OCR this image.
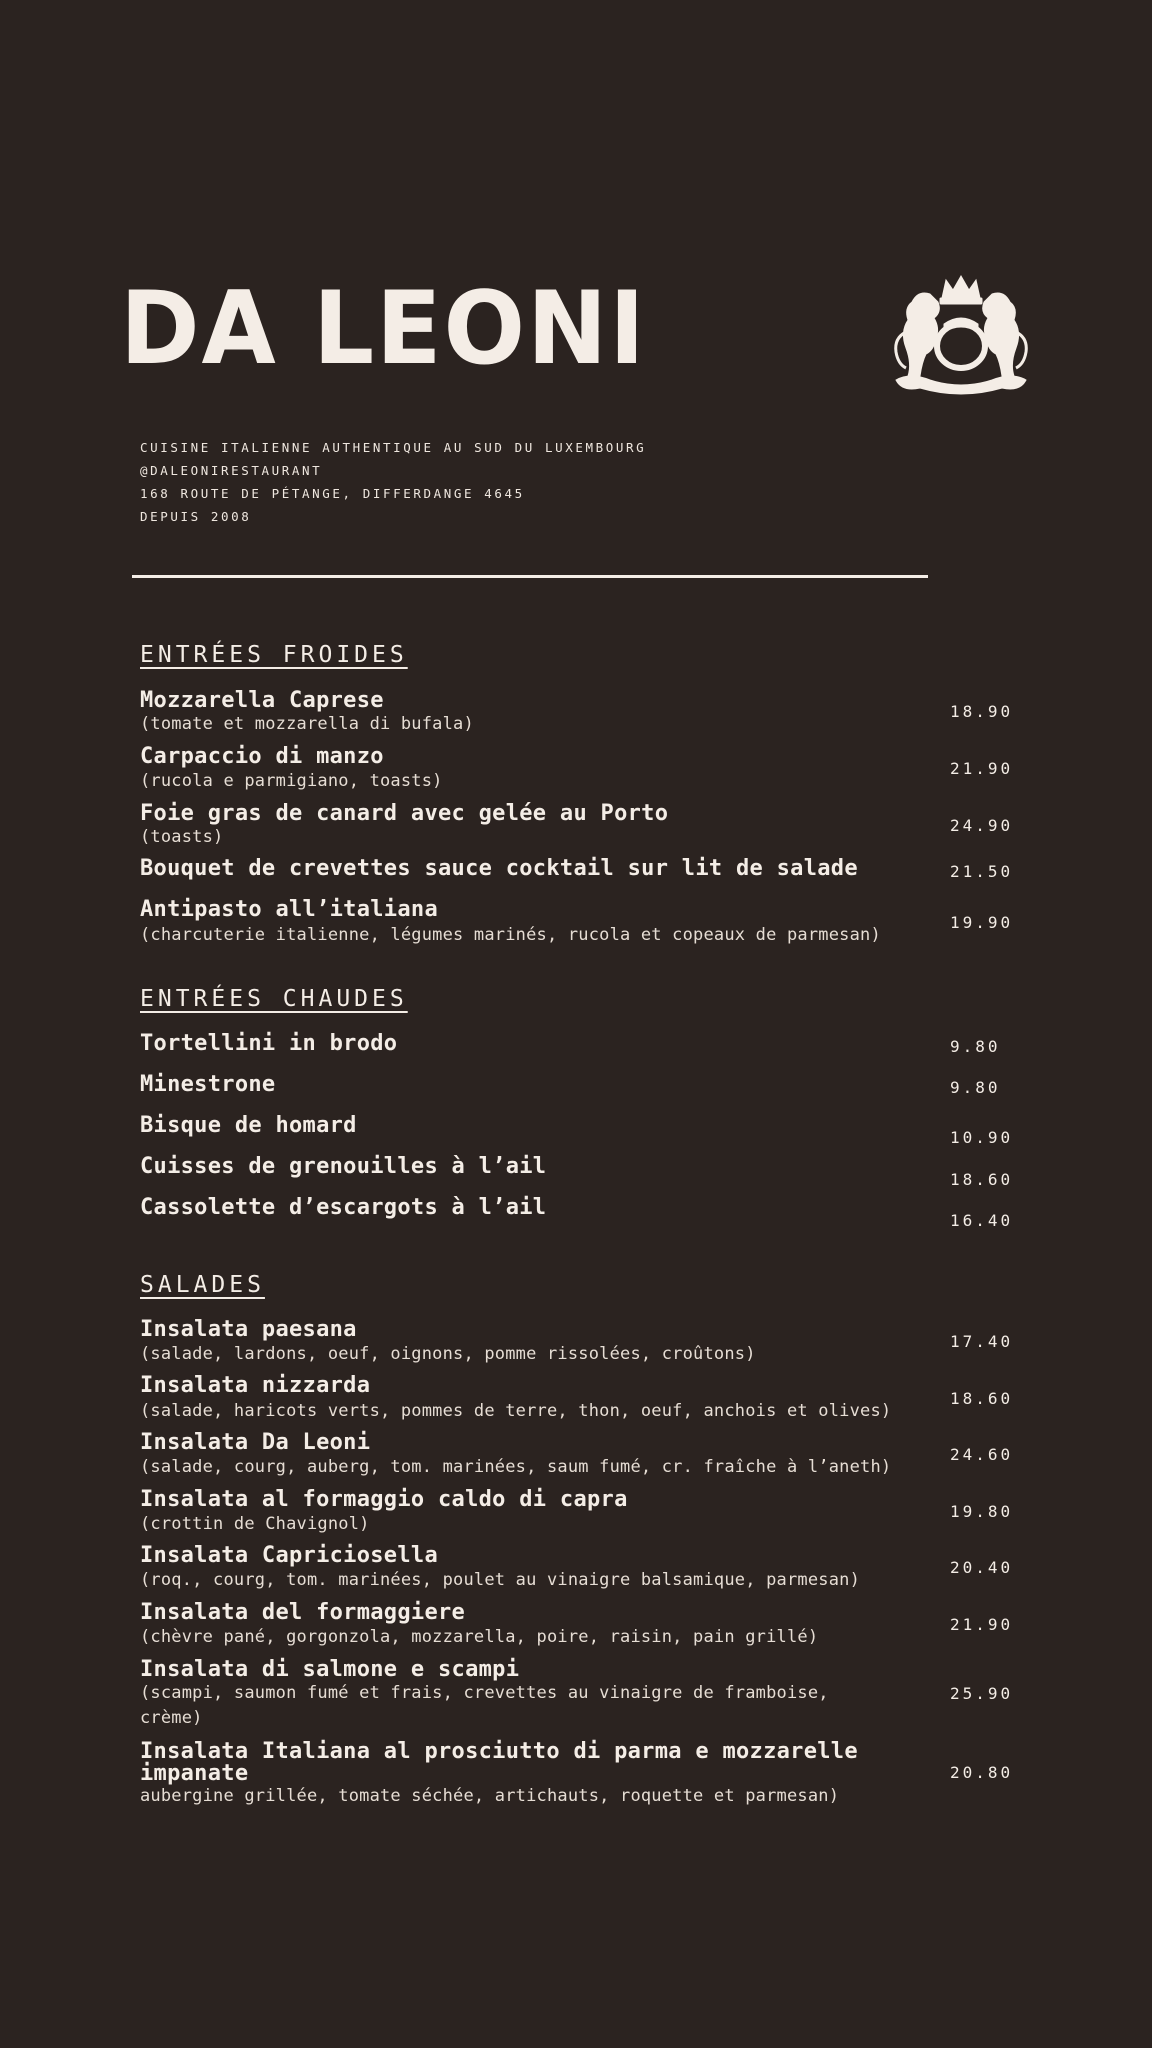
DA LEONI
CUISINE ITALIENNE AUTHENTIQUE AU SUD DU LUXEMBOURG
@DALEONIRESTAURANT
168 ROUTE DE PÉTANGE, DIFFERDANGE 4645
DEPUIS 2008
ENTRÉES FROIDES
Mozzarella Caprese
(tomate et mozzarella di bufala)
18.90
Carpaccio di manzo
(rucola e parmigiano, toasts)
21.90
Foie gras de canard avec gelée au Porto
(toasts)
24.90
Bouquet de crevettes sauce cocktail sur lit de salade	21.50
Antipasto all’italiana
(charcuterie italienne, légumes marinés, rucola et copeaux de parmesan)
19.90
ENTRÉES CHAUDES
Tortellini in brodo	9.80
Minestrone	9.80
Bisque de homard	10.90
Cuisses de grenouilles à l’ail
18.60
Cassolette d’escargots à l’ail
16.40
SALADES
Insalata paesana
(salade, lardons, oeuf, oignons, pomme rissolées, croûtons)
17.40
Insalata nizzarda
(salade, haricots verts, pommes de terre, thon, oeuf, anchois et olives)
18.60
Insalata Da Leoni
(salade, courg, auberg, tom. marinées, saum fumé, cr. fraîche à l’aneth)
24.60
Insalata al formaggio caldo di capra
(crottin de Chavignol)
19.80
Insalata Capriciosella
(roq., courg, tom. marinées, poulet au vinaigre balsamique, parmesan)
20.40
Insalata del formaggiere
(chèvre pané, gorgonzola, mozzarella, poire, raisin, pain grillé)
21.90
Insalata di salmone e scampi
(scampi, saumon fumé et frais, crevettes au vinaigre de framboise, crème)
25.90
Insalata Italiana al prosciutto di parma e mozzarelle impanate
aubergine grillée, tomate séchée, artichauts, roquette et parmesan)
20.80
